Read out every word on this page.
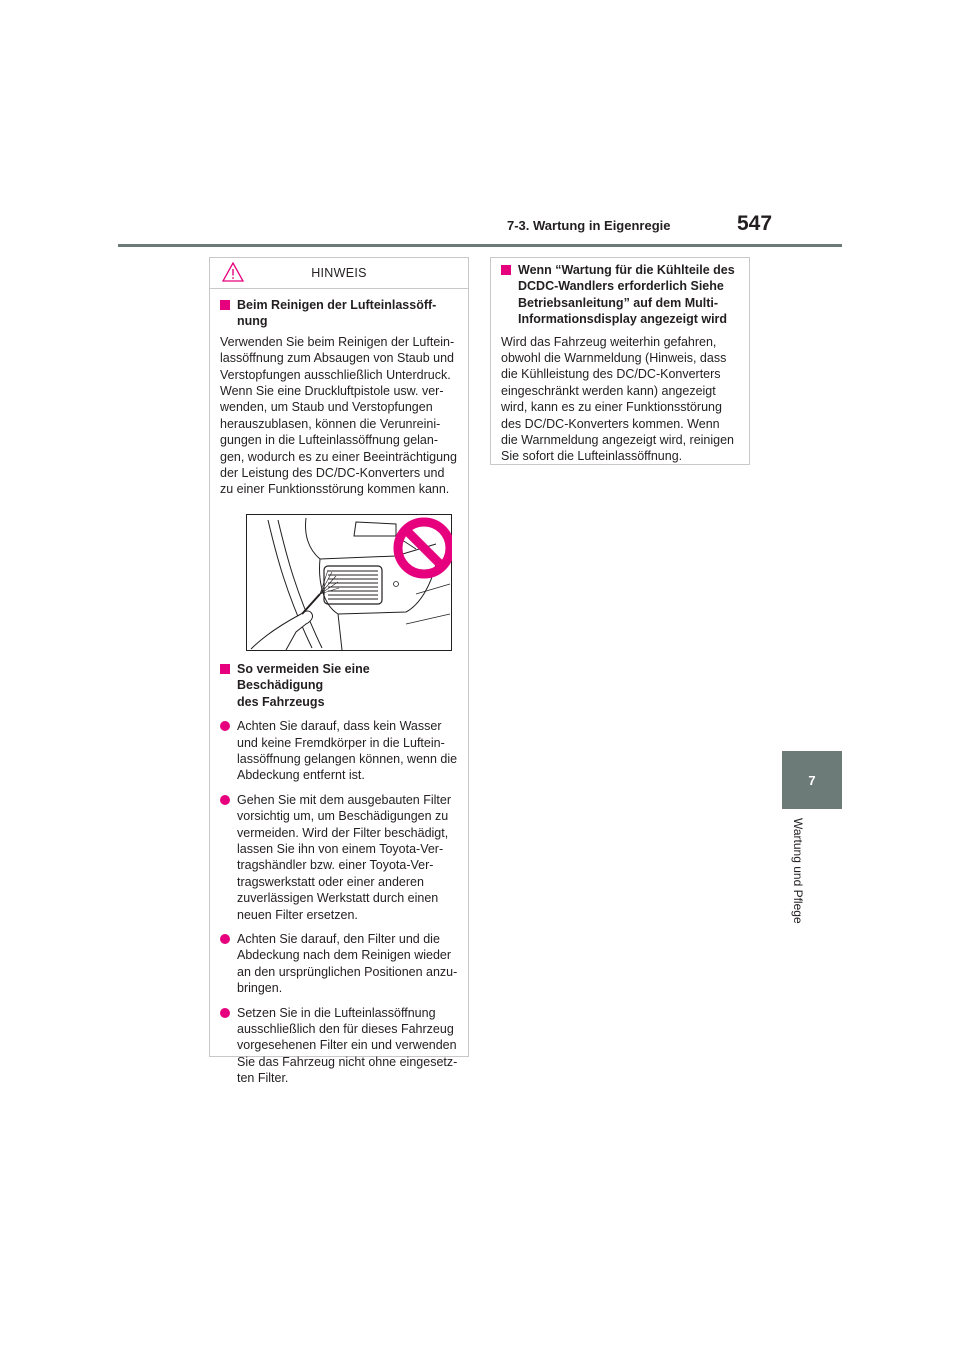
7-3. Wartung in Eigenregie	547
7
Wartung und Pflege
HINWEIS
Beim Reinigen der Lufteinlassöff-
nung
Verwenden Sie beim Reinigen der Luftein-
lassöffnung zum Absaugen von Staub und
Verstopfungen ausschließlich Unterdruck.
Wenn Sie eine Druckluftpistole usw. ver-
wenden, um Staub und Verstopfungen
herauszublasen, können die Verunreini-
gungen in die Lufteinlassöffnung gelan-
gen, wodurch es zu einer Beeinträchtigung
der Leistung des DC/DC-Konverters und
zu einer Funktionsstörung kommen kann.
So vermeiden Sie eine Beschädigung
des Fahrzeugs
Achten Sie darauf, dass kein Wasser
und keine Fremdkörper in die Luftein-
lassöffnung gelangen können, wenn die
Abdeckung entfernt ist.
Gehen Sie mit dem ausgebauten Filter
vorsichtig um, um Beschädigungen zu
vermeiden. Wird der Filter beschädigt,
lassen Sie ihn von einem Toyota-Ver-
tragshändler bzw. einer Toyota-Ver-
tragswerkstatt oder einer anderen
zuverlässigen Werkstatt durch einen
neuen Filter ersetzen.
Achten Sie darauf, den Filter und die
Abdeckung nach dem Reinigen wieder
an den ursprünglichen Positionen anzu-
bringen.
Setzen Sie in die Lufteinlassöffnung
ausschließlich den für dieses Fahrzeug
vorgesehenen Filter ein und verwenden
Sie das Fahrzeug nicht ohne eingesetz-
ten Filter.
Wenn “Wartung für die Kühlteile des
DCDC-Wandlers erforderlich Siehe
Betriebsanleitung” auf dem Multi-
Informationsdisplay angezeigt wird
Wird das Fahrzeug weiterhin gefahren,
obwohl die Warnmeldung (Hinweis, dass
die Kühlleistung des DC/DC-Konverters
eingeschränkt werden kann) angezeigt
wird, kann es zu einer Funktionsstörung
des DC/DC-Konverters kommen. Wenn
die Warnmeldung angezeigt wird, reinigen
Sie sofort die Lufteinlassöffnung.
